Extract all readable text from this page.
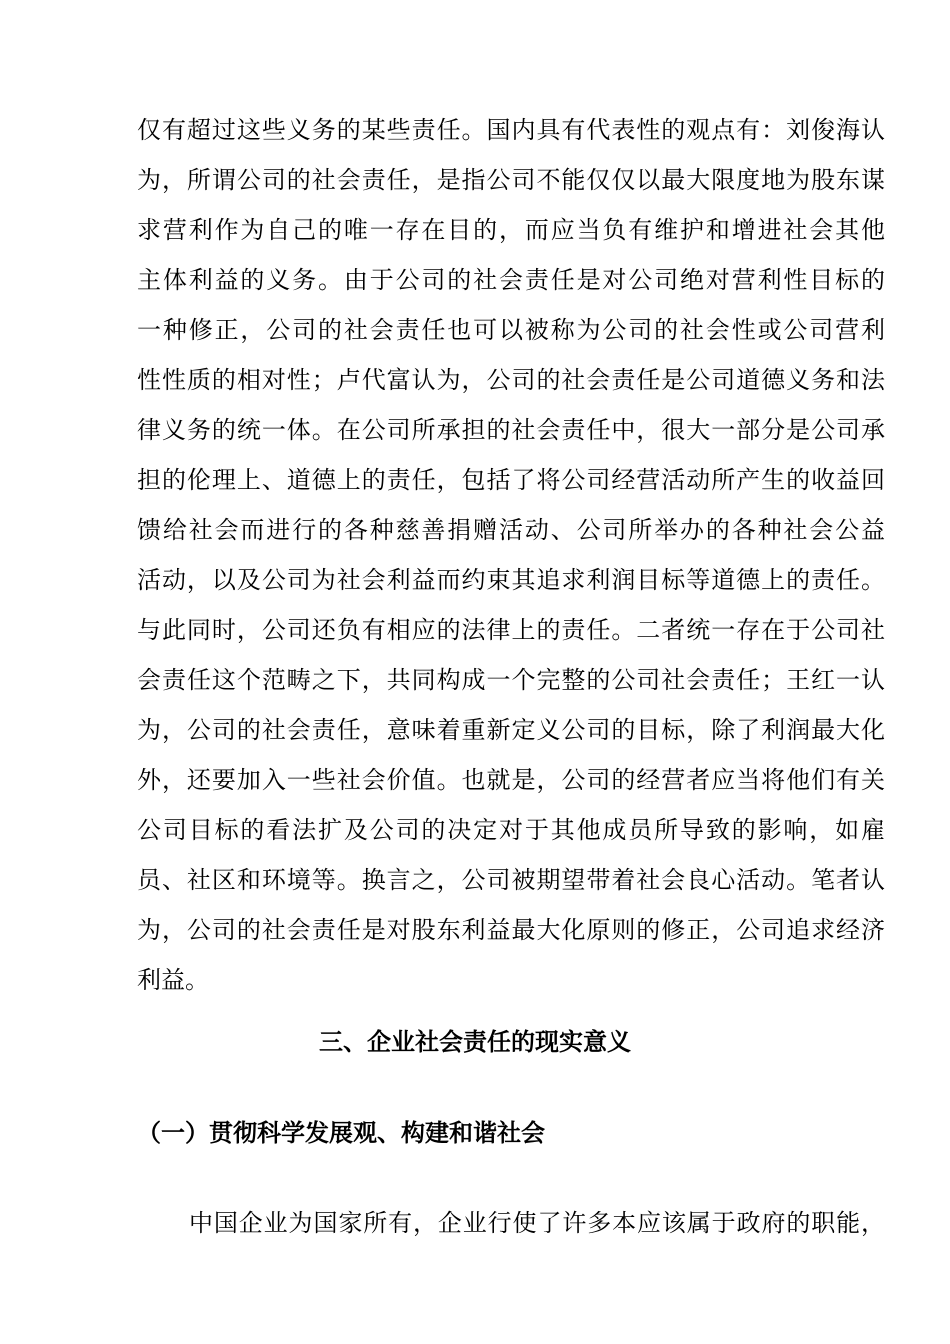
仅有超过这些义务的某些责任。国内具有代表性的观点有：刘俊海认
为，所谓公司的社会责任，是指公司不能仅仅以最大限度地为股东谋
求营利作为自己的唯一存在目的，而应当负有维护和增进社会其他
主体利益的义务。由于公司的社会责任是对公司绝对营利性目标的
一种修正，公司的社会责任也可以被称为公司的社会性或公司营利
性性质的相对性；卢代富认为，公司的社会责任是公司道德义务和法
律义务的统一体。在公司所承担的社会责任中，很大一部分是公司承
担的伦理上、道德上的责任，包括了将公司经营活动所产生的收益回
馈给社会而进行的各种慈善捐赠活动、公司所举办的各种社会公益
活动，以及公司为社会利益而约束其追求利润目标等道德上的责任。
与此同时，公司还负有相应的法律上的责任。二者统一存在于公司社
会责任这个范畴之下，共同构成一个完整的公司社会责任；王红一认
为，公司的社会责任，意味着重新定义公司的目标，除了利润最大化
外，还要加入一些社会价值。也就是，公司的经营者应当将他们有关
公司目标的看法扩及公司的决定对于其他成员所导致的影响，如雇
员、社区和环境等。换言之，公司被期望带着社会良心活动。笔者认
为，公司的社会责任是对股东利益最大化原则的修正，公司追求经济
利益。
三、企业社会责任的现实意义
（一）贯彻科学发展观、构建和谐社会
中国企业为国家所有，企业行使了许多本应该属于政府的职能，
